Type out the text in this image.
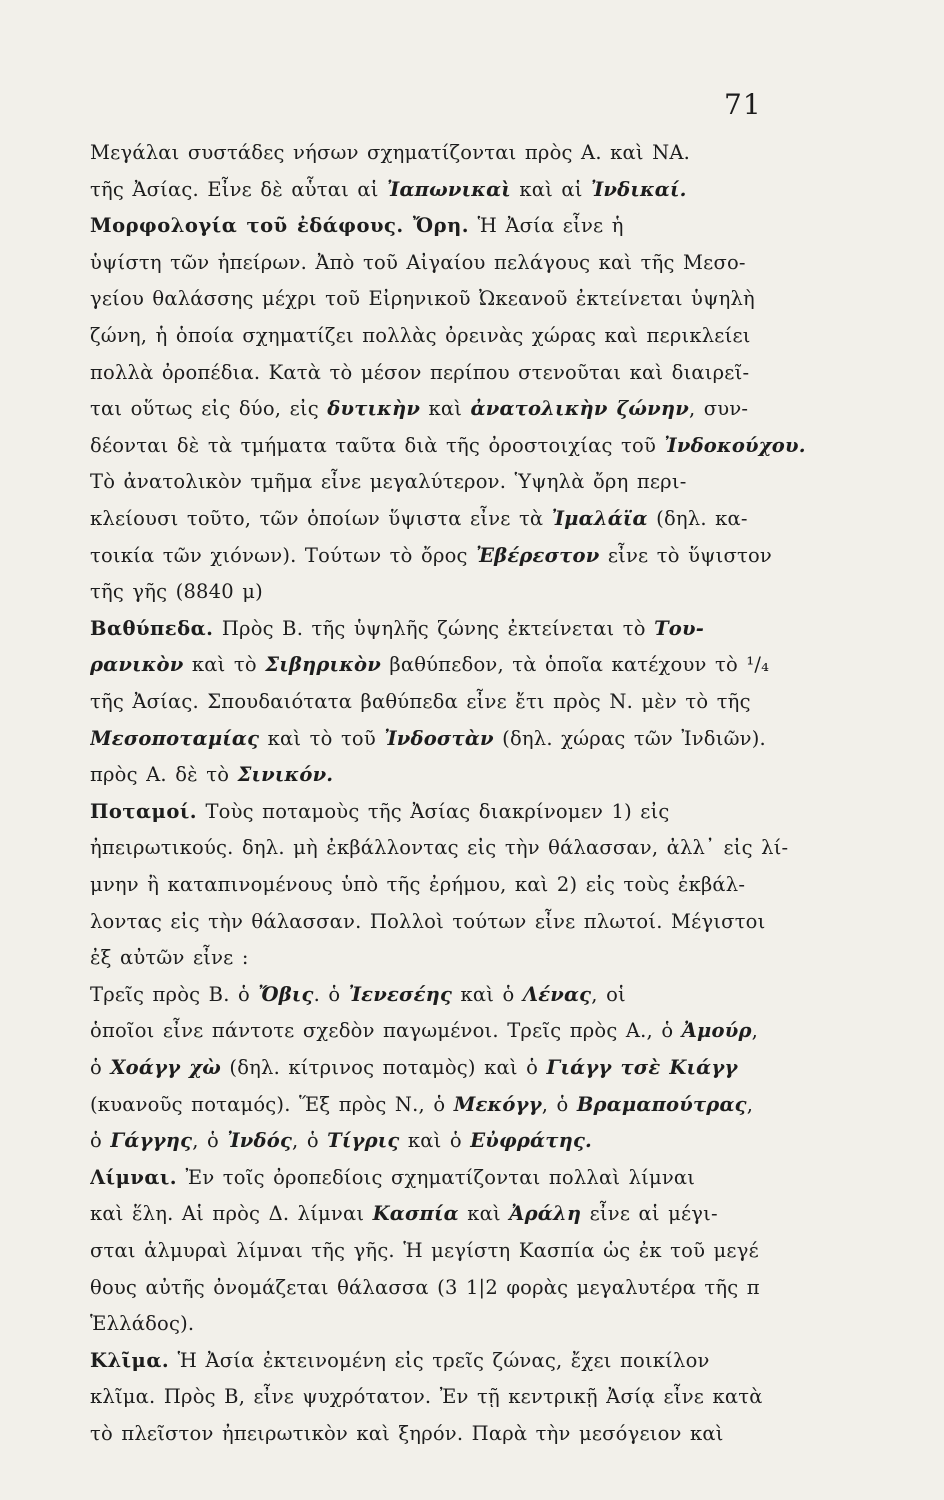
71
Μεγάλαι συστάδες νήσων σχηματίζονται πρὸς Α. καὶ ΝΑ.
τῆς Ἀσίας. Εἶνε δὲ αὗται αἱ Ἰαπωνικαὶ καὶ αἱ Ἰνδικαί.
Μορφολογία τοῦ ἐδάφους. Ὄρη. Ἡ Ἀσία εἶνε ἡ
ὑψίστη τῶν ἠπείρων. Ἀπὸ τοῦ Αἰγαίου πελάγους καὶ τῆς Μεσο-
γείου θαλάσσης μέχρι τοῦ Εἰρηνικοῦ Ὠκεανοῦ ἐκτείνεται ὑψηλὴ
ζώνη, ἡ ὁποία σχηματίζει πολλὰς ὀρεινὰς χώρας καὶ περικλείει
πολλὰ ὀροπέδια. Κατὰ τὸ μέσον περίπου στενοῦται καὶ διαιρεῖ-
ται οὕτως εἰς δύο, εἰς δυτικὴν καὶ ἀνατολικὴν ζώνην, συν-
δέονται δὲ τὰ τμήματα ταῦτα διὰ τῆς ὀροστοιχίας τοῦ Ἰνδοκούχου.
Τὸ ἀνατολικὸν τμῆμα εἶνε μεγαλύτερον. Ὑψηλὰ ὄρη περι-
κλείουσι τοῦτο, τῶν ὁποίων ὕψιστα εἶνε τὰ Ἰμαλάϊα (δηλ. κα-
τοικία τῶν χιόνων). Τούτων τὸ ὄρος Ἐβέρεστον εἶνε τὸ ὕψιστον
τῆς γῆς (8840 μ)
Βαθύπεδα. Πρὸς Β. τῆς ὑψηλῆς ζώνης ἐκτείνεται τὸ Του-
ρανικὸν καὶ τὸ Σιβηρικὸν βαθύπεδον, τὰ ὁποῖα κατέχουν τὸ ¹/₄
τῆς Ἀσίας. Σπουδαιότατα βαθύπεδα εἶνε ἔτι πρὸς Ν. μὲν τὸ τῆς
Μεσοποταμίας καὶ τὸ τοῦ Ἰνδοστὰν (δηλ. χώρας τῶν Ἰνδιῶν).
πρὸς Α. δὲ τὸ Σινικόν.
Ποταμοί. Τοὺς ποταμοὺς τῆς Ἀσίας διακρίνομεν 1) εἰς
ἠπειρωτικούς. δηλ. μὴ ἐκβάλλοντας εἰς τὴν θάλασσαν, ἀλλ᾽ εἰς λί-
μνην ἢ καταπινομένους ὑπὸ τῆς ἐρήμου, καὶ 2) εἰς τοὺς ἐκβάλ-
λοντας εἰς τὴν θάλασσαν. Πολλοὶ τούτων εἶνε πλωτοί. Μέγιστοι
ἐξ αὐτῶν εἶνε :
Τρεῖς πρὸς Β. ὁ Ὄβις. ὁ Ἰενεσέης καὶ ὁ Λένας, οἱ
ὁποῖοι εἶνε πάντοτε σχεδὸν παγωμένοι. Τρεῖς πρὸς Α., ὁ Ἀμούρ,
ὁ Χοάγγ χὼ (δηλ. κίτρινος ποταμὸς) καὶ ὁ Γιάγγ τσὲ Κιάγγ
(κυανοῦς ποταμός). Ἕξ πρὸς Ν., ὁ Μεκόγγ, ὁ Βραμαπούτρας,
ὁ Γάγγης, ὁ Ἰνδός, ὁ Τίγρις καὶ ὁ Εὐφράτης.
Λίμναι. Ἐν τοῖς ὀροπεδίοις σχηματίζονται πολλαὶ λίμναι
καὶ ἕλη. Αἱ πρὸς Δ. λίμναι Κασπία καὶ Ἀράλη εἶνε αἱ μέγι-
σται ἁλμυραὶ λίμναι τῆς γῆς. Ἡ μεγίστη Κασπία ὡς ἐκ τοῦ μεγέ
θους αὐτῆς ὀνομάζεται θάλασσα (3 1|2 φορὰς μεγαλυτέρα τῆς π
Ἑλλάδος).
Κλῖμα. Ἡ Ἀσία ἐκτεινομένη εἰς τρεῖς ζώνας, ἔχει ποικίλον
κλῖμα. Πρὸς Β, εἶνε ψυχρότατον. Ἐν τῇ κεντρικῇ Ἀσίᾳ εἶνε κατὰ
τὸ πλεῖστον ἠπειρωτικὸν καὶ ξηρόν. Παρὰ τὴν μεσόγειον καὶ
